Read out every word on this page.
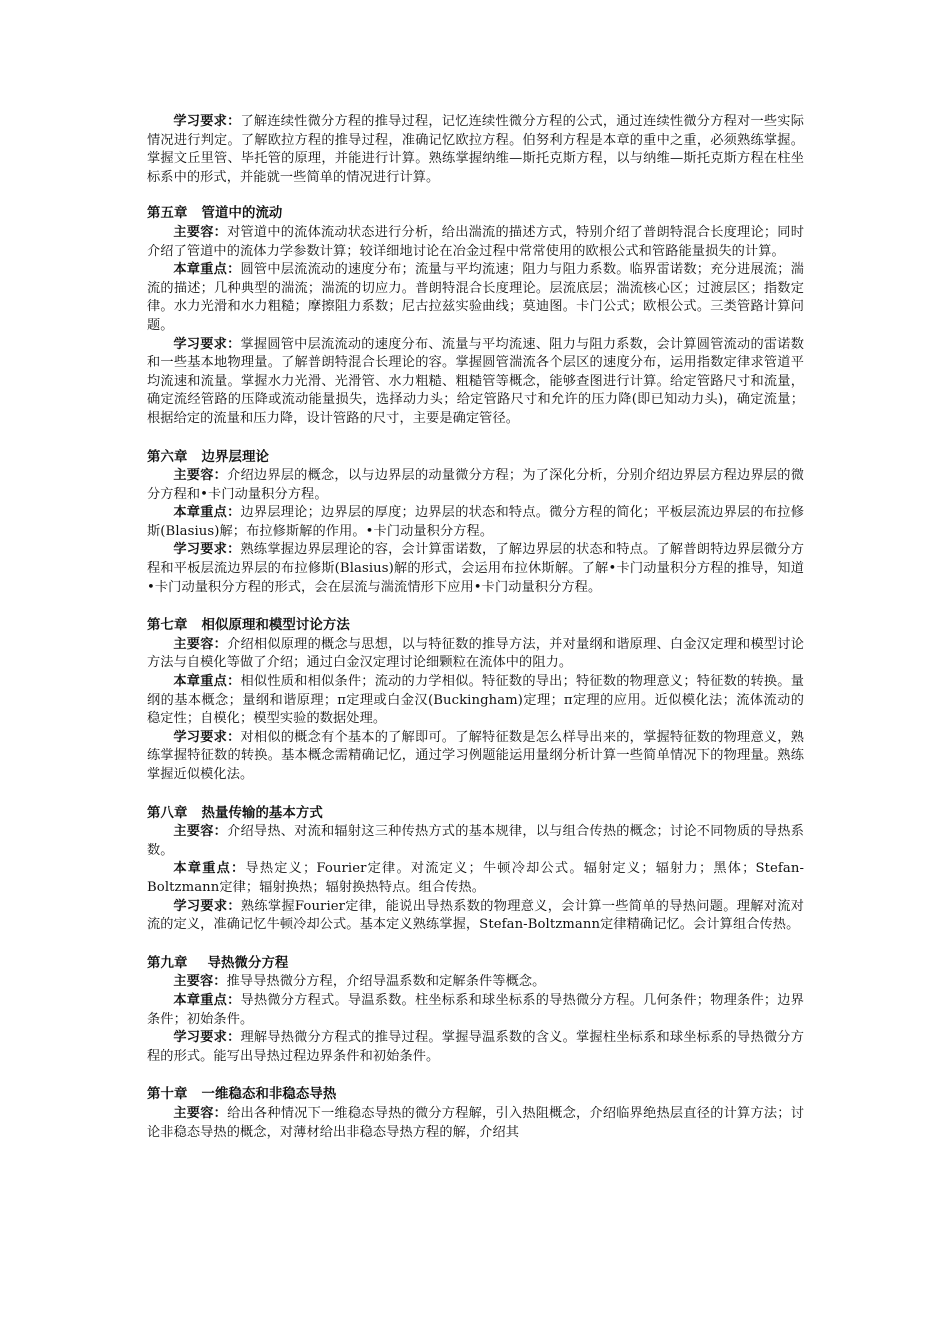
学习要求：了解连续性微分方程的推导过程，记忆连续性微分方程的公式，通过连续性微分方程对一些实际情况进行判定。了解欧拉方程的推导过程，准确记忆欧拉方程。伯努利方程是本章的重中之重，必须熟练掌握。掌握文丘里管、毕托管的原理，并能进行计算。熟练掌握纳维—斯托克斯方程，以与纳维—斯托克斯方程在柱坐标系中的形式，并能就一些简单的情况进行计算。

第五章 管道中的流动

主要容：对管道中的流体流动状态进行分析，给出湍流的描述方式，特别介绍了普朗特混合长度理论；同时介绍了管道中的流体力学参数计算；较详细地讨论在冶金过程中常常使用的欧根公式和管路能量损失的计算。

本章重点：圆管中层流流动的速度分布；流量与平均流速；阻力与阻力系数。临界雷诺数；充分进展流；湍流的描述；几种典型的湍流；湍流的切应力。普朗特混合长度理论。层流底层；湍流核心区；过渡层区；指数定律。水力光滑和水力粗糙；摩擦阻力系数；尼古拉兹实验曲线；莫迪图。卡门公式；欧根公式。三类管路计算问题。

学习要求：掌握圆管中层流流动的速度分布、流量与平均流速、阻力与阻力系数，会计算圆管流动的雷诺数和一些基本地物理量。了解普朗特混合长理论的容。掌握圆管湍流各个层区的速度分布，运用指数定律求管道平均流速和流量。掌握水力光滑、光滑管、水力粗糙、粗糙管等概念，能够查图进行计算。给定管路尺寸和流量，确定流经管路的压降或流动能量损失，选择动力头；给定管路尺寸和允许的压力降(即已知动力头)，确定流量；根据给定的流量和压力降，设计管路的尺寸，主要是确定管径。

第六章 边界层理论

主要容：介绍边界层的概念，以与边界层的动量微分方程；为了深化分析，分别介绍边界层方程边界层的微分方程和•卡门动量积分方程。

本章重点：边界层理论；边界层的厚度；边界层的状态和特点。微分方程的简化；平板层流边界层的布拉修斯(Blasius)解；布拉修斯解的作用。•卡门动量积分方程。

学习要求：熟练掌握边界层理论的容，会计算雷诺数，了解边界层的状态和特点。了解普朗特边界层微分方程和平板层流边界层的布拉修斯(Blasius)解的形式，会运用布拉休斯解。了解•卡门动量积分方程的推导，知道•卡门动量积分方程的形式，会在层流与湍流情形下应用•卡门动量积分方程。

第七章 相似原理和模型讨论方法

主要容：介绍相似原理的概念与思想，以与特征数的推导方法，并对量纲和谐原理、白金汉定理和模型讨论方法与自模化等做了介绍；通过白金汉定理讨论细颗粒在流体中的阻力。

本章重点：相似性质和相似条件；流动的力学相似。特征数的导出；特征数的物理意义；特征数的转换。量纲的基本概念；量纲和谐原理；π定理或白金汉(Buckingham)定理；π定理的应用。近似模化法；流体流动的稳定性；自模化；模型实验的数据处理。

学习要求：对相似的概念有个基本的了解即可。了解特征数是怎么样导出来的，掌握特征数的物理意义，熟练掌握特征数的转换。基本概念需精确记忆，通过学习例题能运用量纲分析计算一些简单情况下的物理量。熟练掌握近似模化法。

第八章 热量传输的基本方式

主要容：介绍导热、对流和辐射这三种传热方式的基本规律，以与组合传热的概念；讨论不同物质的导热系数。

本章重点：导热定义；Fourier定律。对流定义；牛顿冷却公式。辐射定义；辐射力；黑体；Stefan-Boltzmann定律；辐射换热；辐射换热特点。组合传热。

学习要求：熟练掌握Fourier定律，能说出导热系数的物理意义，会计算一些简单的导热问题。理解对流对流的定义，准确记忆牛顿冷却公式。基本定义熟练掌握，Stefan-Boltzmann定律精确记忆。会计算组合传热。

第九章 导热微分方程

主要容：推导导热微分方程，介绍导温系数和定解条件等概念。

本章重点：导热微分方程式。导温系数。柱坐标系和球坐标系的导热微分方程。几何条件；物理条件；边界条件；初始条件。

学习要求：理解导热微分方程式的推导过程。掌握导温系数的含义。掌握柱坐标系和球坐标系的导热微分方程的形式。能写出导热过程边界条件和初始条件。

第十章 一维稳态和非稳态导热

主要容：给出各种情况下一维稳态导热的微分方程解，引入热阻概念，介绍临界绝热层直径的计算方法；讨论非稳态导热的概念，对薄材给出非稳态导热方程的解，介绍其
